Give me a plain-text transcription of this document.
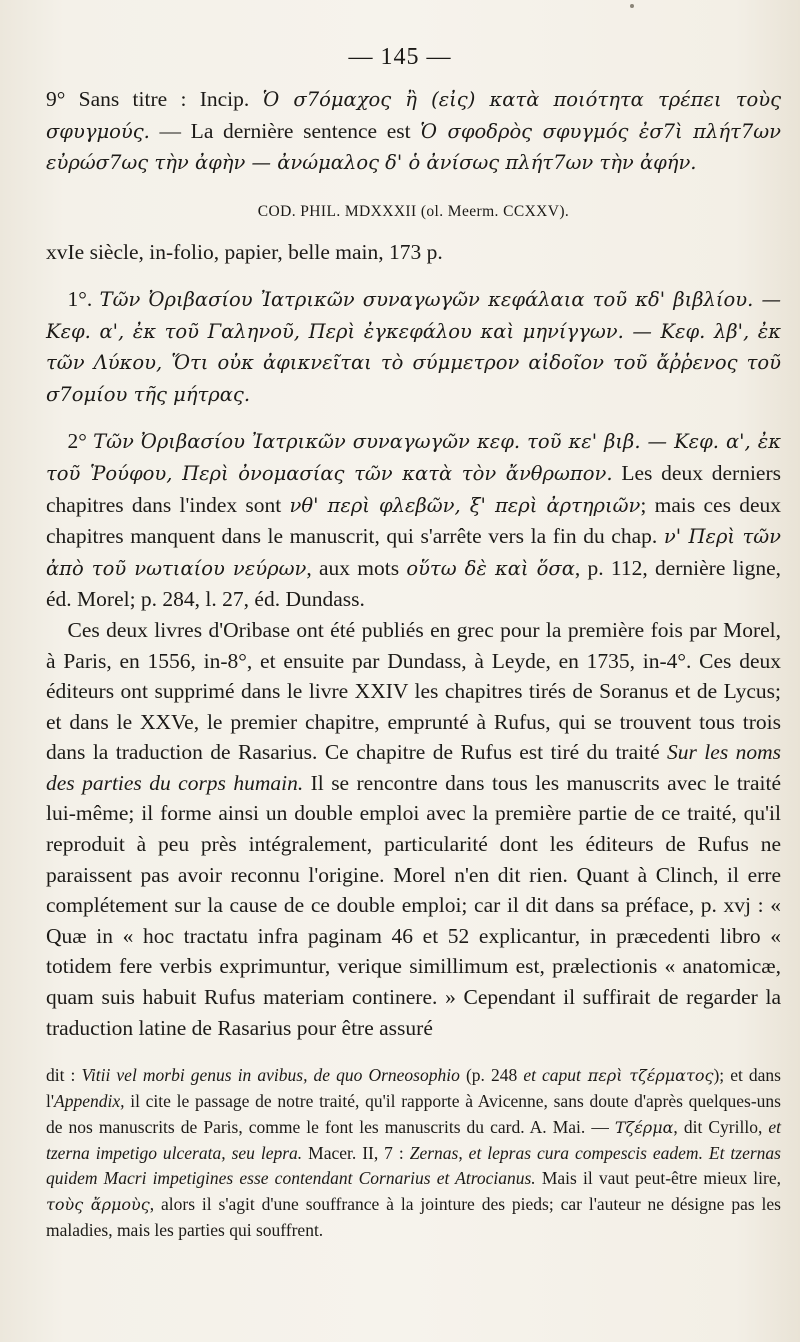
— 145 —

9° Sans titre : Incip. Ὁ σ7όμαχος ἢ (εἰς) κατὰ ποιότητα τρέπει τοὺς σφυγμούς. — La dernière sentence est Ὁ σφοδρὸς σφυγμός ἐσ7ὶ πλήτ7ων εὐρώσ7ως τὴν ἀφὴν — ἀνώμαλος δ' ὁ ἀνίσως πλήτ7ων τὴν ἀφήν.

COD. PHIL. MDXXXII (ol. Meerm. CCXXV).

xvIe siècle, in-folio, papier, belle main, 173 p.

1°. Τῶν Ὀριβασίου Ἰατρικῶν συναγωγῶν κεφάλαια τοῦ κδ' βιβλίου. — Κεφ. α', ἐκ τοῦ Γαληνοῦ, Περὶ ἐγκεφάλου καὶ μηνίγγων. — Κεφ. λβ', ἐκ τῶν Λύκου, Ὅτι οὐκ ἀφικνεῖται τὸ σύμμετρον αἰδοῖον τοῦ ἄῤῥενος τοῦ σ7ομίου τῆς μήτρας.

2° Τῶν Ὀριβασίου Ἰατρικῶν συναγωγῶν κεφ. τοῦ κε' βιβ. — Κεφ. α', ἐκ τοῦ Ῥούφου, Περὶ ὀνομασίας τῶν κατὰ τὸν ἄνθρωπον. Les deux derniers chapitres dans l'index sont νθ' περὶ φλεβῶν, ξ' περὶ ἀρτηριῶν; mais ces deux chapitres manquent dans le manuscrit, qui s'arrête vers la fin du chap. ν' Περὶ τῶν ἀπὸ τοῦ νωτιαίου νεύρων, aux mots οὕτω δὲ καὶ ὅσα, p. 112, dernière ligne, éd. Morel; p. 284, l. 27, éd. Dundass.

Ces deux livres d'Oribase ont été publiés en grec pour la première fois par Morel, à Paris, en 1556, in-8°, et ensuite par Dundass, à Leyde, en 1735, in-4°. Ces deux éditeurs ont supprimé dans le livre XXIV les chapitres tirés de Soranus et de Lycus; et dans le XXVe, le premier chapitre, emprunté à Rufus, qui se trouvent tous trois dans la traduction de Rasarius. Ce chapitre de Rufus est tiré du traité Sur les noms des parties du corps humain. Il se rencontre dans tous les manuscrits avec le traité lui-même; il forme ainsi un double emploi avec la première partie de ce traité, qu'il reproduit à peu près intégralement, particularité dont les éditeurs de Rufus ne paraissent pas avoir reconnu l'origine. Morel n'en dit rien. Quant à Clinch, il erre complétement sur la cause de ce double emploi; car il dit dans sa préface, p. xvj : « Quæ in « hoc tractatu infra paginam 46 et 52 explicantur, in præcedenti libro « totidem fere verbis exprimuntur, verique simillimum est, prælectionis « anatomicæ, quam suis habuit Rufus materiam continere. » Cependant il suffirait de regarder la traduction latine de Rasarius pour être assuré

dit : Vitii vel morbi genus in avibus, de quo Orneosophio (p. 248 et caput περὶ τζέρματος); et dans l'Appendix, il cite le passage de notre traité, qu'il rapporte à Avicenne, sans doute d'après quelques-uns de nos manuscrits de Paris, comme le font les manuscrits du card. A. Mai. — Τζέρμα, dit Cyrillo, et tzerna impetigo ulcerata, seu lepra. Macer. II, 7 : Zernas, et lepras cura compescis eadem. Et tzernas quidem Macri impetigines esse contendant Cornarius et Atrocianus. Mais il vaut peut-être mieux lire, τοὺς ἄρμοὺς, alors il s'agit d'une souffrance à la jointure des pieds; car l'auteur ne désigne pas les maladies, mais les parties qui souffrent.
